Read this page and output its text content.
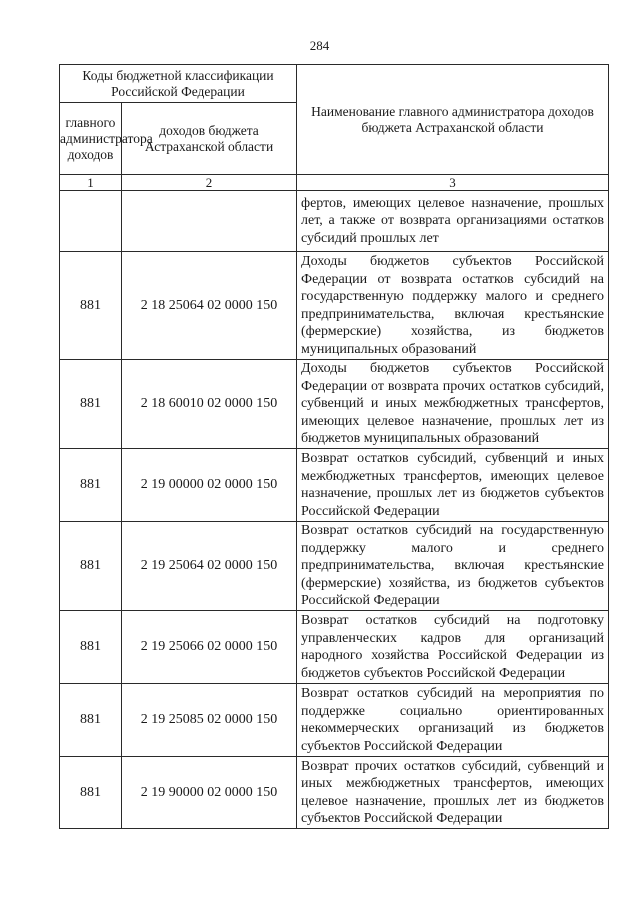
284
Коды бюджетной классификации Российской Федерации		Наименование главного администратора доходов бюджета Астраханской области
главного администратора доходов	доходов бюджета Астраханской области	
1	2	3
		фертов, имеющих целевое назначение, прошлых лет, а также от возврата организациями остатков субсидий прошлых лет
881	2 18 25064 02 0000 150	Доходы бюджетов субъектов Российской Федерации от возврата остатков субсидий на государственную поддержку малого и среднего предпринимательства, включая крестьянские (фермерские) хозяйства, из бюджетов муниципальных образований
881	2 18 60010 02 0000 150	Доходы бюджетов субъектов Российской Федерации от возврата прочих остатков субсидий, субвенций и иных межбюджетных трансфертов, имеющих целевое назначение, прошлых лет из бюджетов муниципальных образований
881	2 19 00000 02 0000 150	Возврат остатков субсидий, субвенций и иных межбюджетных трансфертов, имеющих целевое назначение, прошлых лет из бюджетов субъектов Российской Федерации
881	2 19 25064 02 0000 150	Возврат остатков субсидий на государственную поддержку малого и среднего предпринимательства, включая крестьянские (фермерские) хозяйства, из бюджетов субъектов Российской Федерации
881	2 19 25066 02 0000 150	Возврат остатков субсидий на подготовку управленческих кадров для организаций народного хозяйства Российской Федерации из бюджетов субъектов Российской Федерации
881	2 19 25085 02 0000 150	Возврат остатков субсидий на мероприятия по поддержке социально ориентированных некоммерческих организаций из бюджетов субъектов Российской Федерации
881	2 19 90000 02 0000 150	Возврат прочих остатков субсидий, субвенций и иных межбюджетных трансфертов, имеющих целевое назначение, прошлых лет из бюджетов субъектов Российской Федерации
